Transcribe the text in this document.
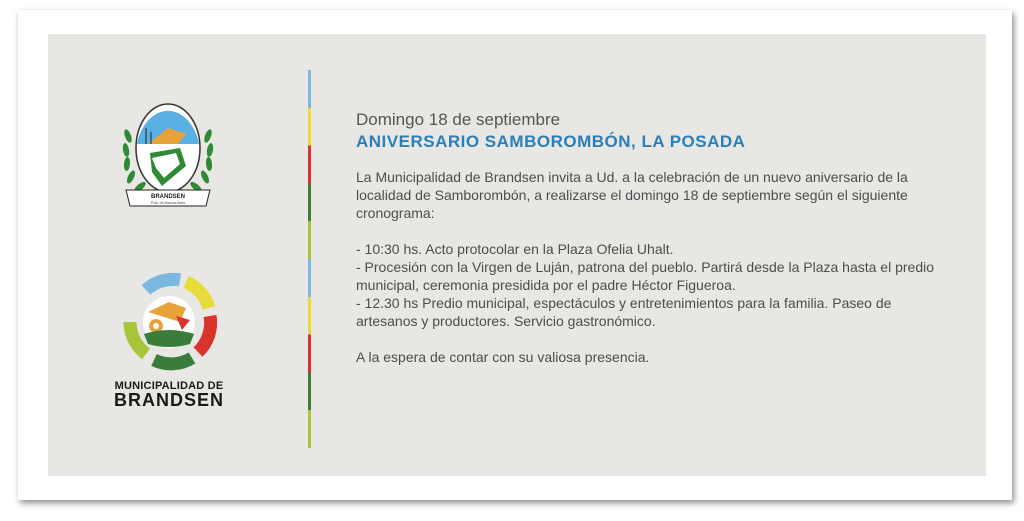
BRANDSEN
Pcia. de Buenos Aires
MUNICIPALIDAD DE
BRANDSEN
Domingo 18 de septiembre
ANIVERSARIO SAMBOROMBÓN, LA POSADA

La Municipalidad de Brandsen invita a Ud. a la celebración de un nuevo aniversario de la localidad de Samborombón, a realizarse el domingo 18 de septiembre según el siguiente cronograma:

- 10:30 hs. Acto protocolar en la Plaza Ofelia Uhalt.

- Procesión con la Virgen de Luján, patrona del pueblo. Partirá desde la Plaza hasta el predio municipal, ceremonia presidida por el padre Héctor Figueroa.

- 12.30 hs Predio municipal, espectáculos y entretenimientos para la familia. Paseo de artesanos y productores. Servicio gastronómico.

A la espera de contar con su valiosa presencia.
